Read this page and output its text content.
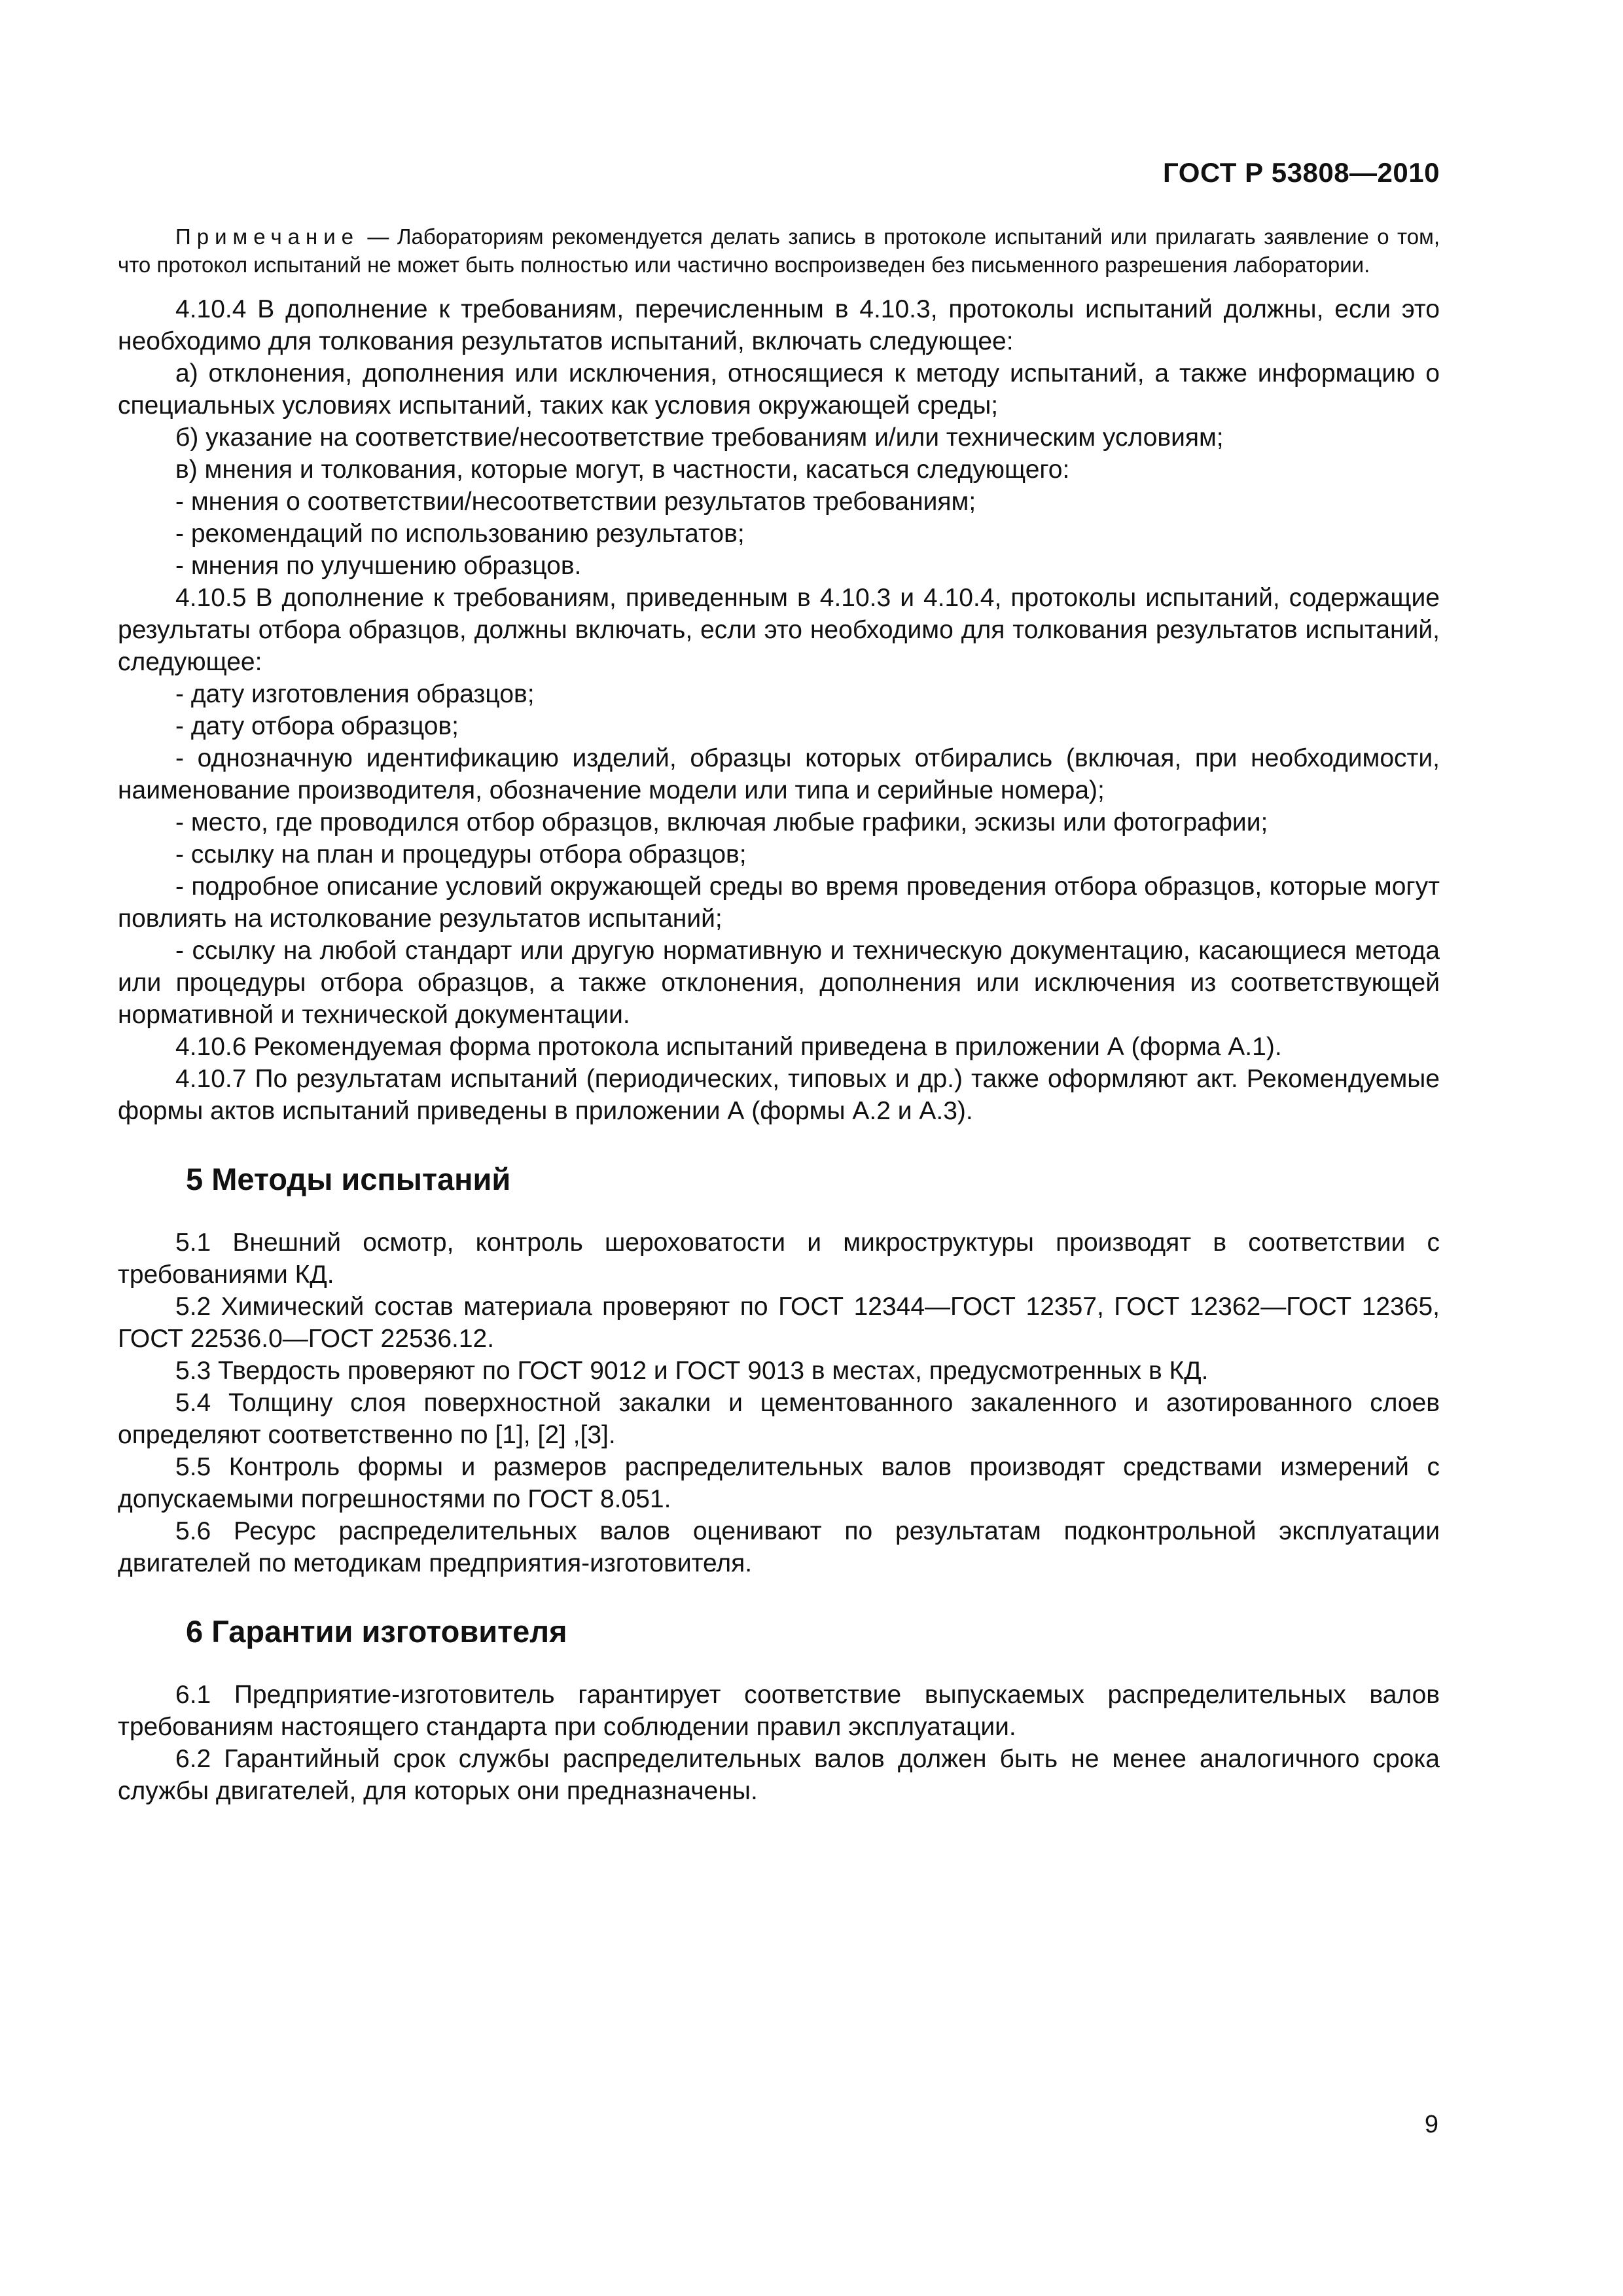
ГОСТ Р 53808—2010

Примечание — Лабораториям рекомендуется делать запись в протоколе испытаний или прилагать заявление о том, что протокол испытаний не может быть полностью или частично воспроизведен без письменного разрешения лаборатории.

4.10.4 В дополнение к требованиям, перечисленным в 4.10.3, протоколы испытаний должны, если это необходимо для толкования результатов испытаний, включать следующее:

а) отклонения, дополнения или исключения, относящиеся к методу испытаний, а также информацию о специальных условиях испытаний, таких как условия окружающей среды;

б) указание на соответствие/несоответствие требованиям и/или техническим условиям;

в) мнения и толкования, которые могут, в частности, касаться следующего:

- мнения о соответствии/несоответствии результатов требованиям;

- рекомендаций по использованию результатов;

- мнения по улучшению образцов.

4.10.5 В дополнение к требованиям, приведенным в 4.10.3 и 4.10.4, протоколы испытаний, содержащие результаты отбора образцов, должны включать, если это необходимо для толкования результатов испытаний, следующее:

- дату изготовления образцов;

- дату отбора образцов;

- однозначную идентификацию изделий, образцы которых отбирались (включая, при необходимости, наименование производителя, обозначение модели или типа и серийные номера);

- место, где проводился отбор образцов, включая любые графики, эскизы или фотографии;

- ссылку на план и процедуры отбора образцов;

- подробное описание условий окружающей среды во время проведения отбора образцов, которые могут повлиять на истолкование результатов испытаний;

- ссылку на любой стандарт или другую нормативную и техническую документацию, касающиеся метода или процедуры отбора образцов, а также отклонения, дополнения или исключения из соответствующей нормативной и технической документации.

4.10.6 Рекомендуемая форма протокола испытаний приведена в приложении А (форма А.1).

4.10.7 По результатам испытаний (периодических, типовых и др.) также оформляют акт. Рекомендуемые формы актов испытаний приведены в приложении А (формы А.2 и А.3).

5 Методы испытаний

5.1 Внешний осмотр, контроль шероховатости и микроструктуры производят в соответствии с требованиями КД.

5.2 Химический состав материала проверяют по ГОСТ 12344—ГОСТ 12357, ГОСТ 12362—ГОСТ 12365, ГОСТ 22536.0—ГОСТ 22536.12.

5.3 Твердость проверяют по ГОСТ 9012 и ГОСТ 9013 в местах, предусмотренных в КД.

5.4 Толщину слоя поверхностной закалки и цементованного закаленного и азотированного слоев определяют соответственно по [1], [2] ,[3].

5.5 Контроль формы и размеров распределительных валов производят средствами измерений с допускаемыми погрешностями по ГОСТ 8.051.

5.6 Ресурс распределительных валов оценивают по результатам подконтрольной эксплуатации двигателей по методикам предприятия-изготовителя.

6 Гарантии изготовителя

6.1 Предприятие-изготовитель гарантирует соответствие выпускаемых распределительных валов требованиям настоящего стандарта при соблюдении правил эксплуатации.

6.2 Гарантийный срок службы распределительных валов должен быть не менее аналогичного срока службы двигателей, для которых они предназначены.

9
